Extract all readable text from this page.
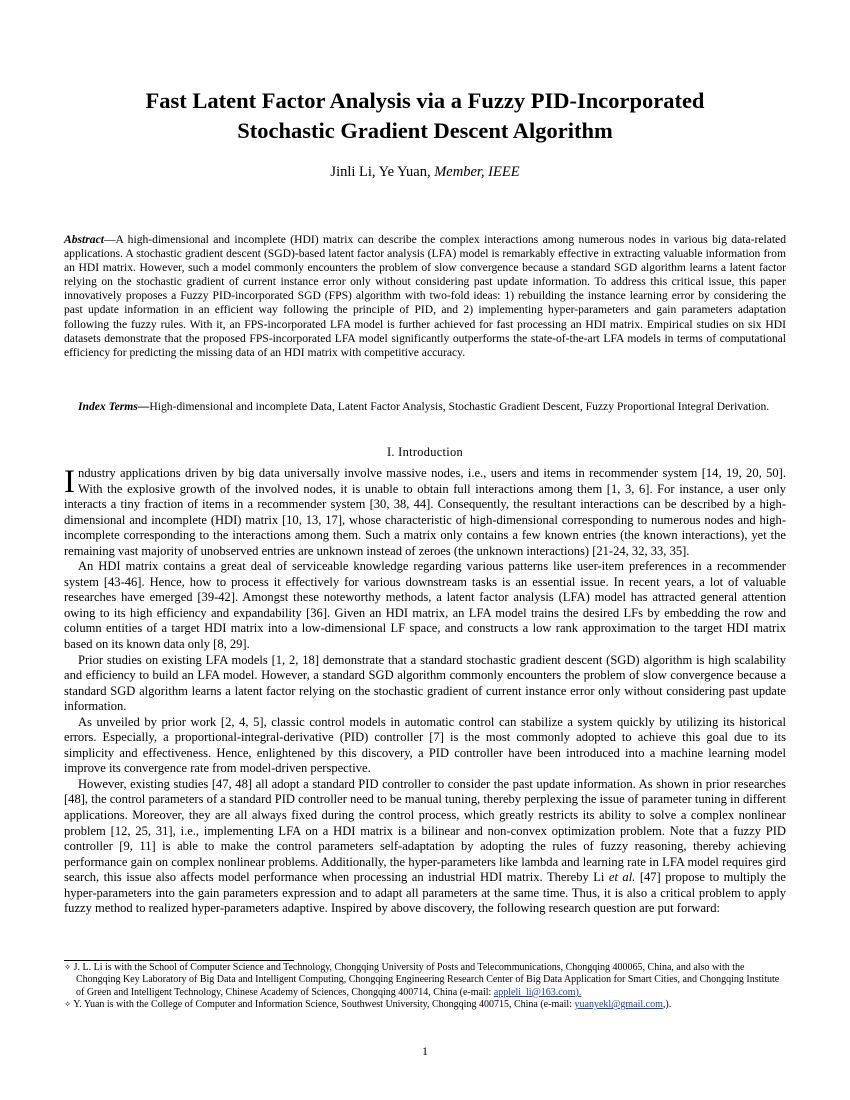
Fast Latent Factor Analysis via a Fuzzy PID-Incorporated
Stochastic Gradient Descent Algorithm
Jinli Li, Ye Yuan, Member, IEEE
Abstract—A high-dimensional and incomplete (HDI) matrix can describe the complex interactions among numerous nodes in various big data-related applications. A stochastic gradient descent (SGD)-based latent factor analysis (LFA) model is remarkably effective in extracting valuable information from an HDI matrix. However, such a model commonly encounters the problem of slow convergence because a standard SGD algorithm learns a latent factor relying on the stochastic gradient of current instance error only without considering past update information. To address this critical issue, this paper innovatively proposes a Fuzzy PID-incorporated SGD (FPS) algorithm with two-fold ideas: 1) rebuilding the instance learning error by considering the past update information in an efficient way following the principle of PID, and 2) implementing hyper-parameters and gain parameters adaptation following the fuzzy rules. With it, an FPS-incorporated LFA model is further achieved for fast processing an HDI matrix. Empirical studies on six HDI datasets demonstrate that the proposed FPS-incorporated LFA model significantly outperforms the state-of-the-art LFA models in terms of computational efficiency for predicting the missing data of an HDI matrix with competitive accuracy.
Index Terms—High-dimensional and incomplete Data, Latent Factor Analysis, Stochastic Gradient Descent, Fuzzy Proportional Integral Derivation.
I. Introduction

Industry applications driven by big data universally involve massive nodes, i.e., users and items in recommender system [14, 19, 20, 50]. With the explosive growth of the involved nodes, it is unable to obtain full interactions among them [1, 3, 6]. For instance, a user only interacts a tiny fraction of items in a recommender system [30, 38, 44]. Consequently, the resultant interactions can be described by a high-dimensional and incomplete (HDI) matrix [10, 13, 17], whose characteristic of high-dimensional corresponding to numerous nodes and high-incomplete corresponding to the interactions among them. Such a matrix only contains a few known entries (the known interactions), yet the remaining vast majority of unobserved entries are unknown instead of zeroes (the unknown interactions) [21-24, 32, 33, 35].

An HDI matrix contains a great deal of serviceable knowledge regarding various patterns like user-item preferences in a recommender system [43-46]. Hence, how to process it effectively for various downstream tasks is an essential issue. In recent years, a lot of valuable researches have emerged [39-42]. Amongst these noteworthy methods, a latent factor analysis (LFA) model has attracted general attention owing to its high efficiency and expandability [36]. Given an HDI matrix, an LFA model trains the desired LFs by embedding the row and column entities of a target HDI matrix into a low-dimensional LF space, and constructs a low rank approximation to the target HDI matrix based on its known data only [8, 29].

Prior studies on existing LFA models [1, 2, 18] demonstrate that a standard stochastic gradient descent (SGD) algorithm is high scalability and efficiency to build an LFA model. However, a standard SGD algorithm commonly encounters the problem of slow convergence because a standard SGD algorithm learns a latent factor relying on the stochastic gradient of current instance error only without considering past update information.

As unveiled by prior work [2, 4, 5], classic control models in automatic control can stabilize a system quickly by utilizing its historical errors. Especially, a proportional-integral-derivative (PID) controller [7] is the most commonly adopted to achieve this goal due to its simplicity and effectiveness. Hence, enlightened by this discovery, a PID controller have been introduced into a machine learning model improve its convergence rate from model-driven perspective.

However, existing studies [47, 48] all adopt a standard PID controller to consider the past update information. As shown in prior researches [48], the control parameters of a standard PID controller need to be manual tuning, thereby perplexing the issue of parameter tuning in different applications. Moreover, they are all always fixed during the control process, which greatly restricts its ability to solve a complex nonlinear problem [12, 25, 31], i.e., implementing LFA on a HDI matrix is a bilinear and non-convex optimization problem. Note that a fuzzy PID controller [9, 11] is able to make the control parameters self-adaptation by adopting the rules of fuzzy reasoning, thereby achieving performance gain on complex nonlinear problems. Additionally, the hyper-parameters like lambda and learning rate in LFA model requires gird search, this issue also affects model performance when processing an industrial HDI matrix. Thereby Li et al. [47] propose to multiply the hyper-parameters into the gain parameters expression and to adapt all parameters at the same time. Thus, it is also a critical problem to apply fuzzy method to realized hyper-parameters adaptive. Inspired by above discovery, the following research question are put forward:

✧ J. L. Li is with the School of Computer Science and Technology, Chongqing University of Posts and Telecommunications, Chongqing 400065, China, and also with the Chongqing Key Laboratory of Big Data and Intelligent Computing, Chongqing Engineering Research Center of Big Data Application for Smart Cities, and Chongqing Institute of Green and Intelligent Technology, Chinese Academy of Sciences, Chongqing 400714, China (e-mail: appleli_li@163.com).

✧ Y. Yuan is with the College of Computer and Information Science, Southwest University, Chongqing 400715, China (e-mail: yuanyekl@gmail.com,).

1
